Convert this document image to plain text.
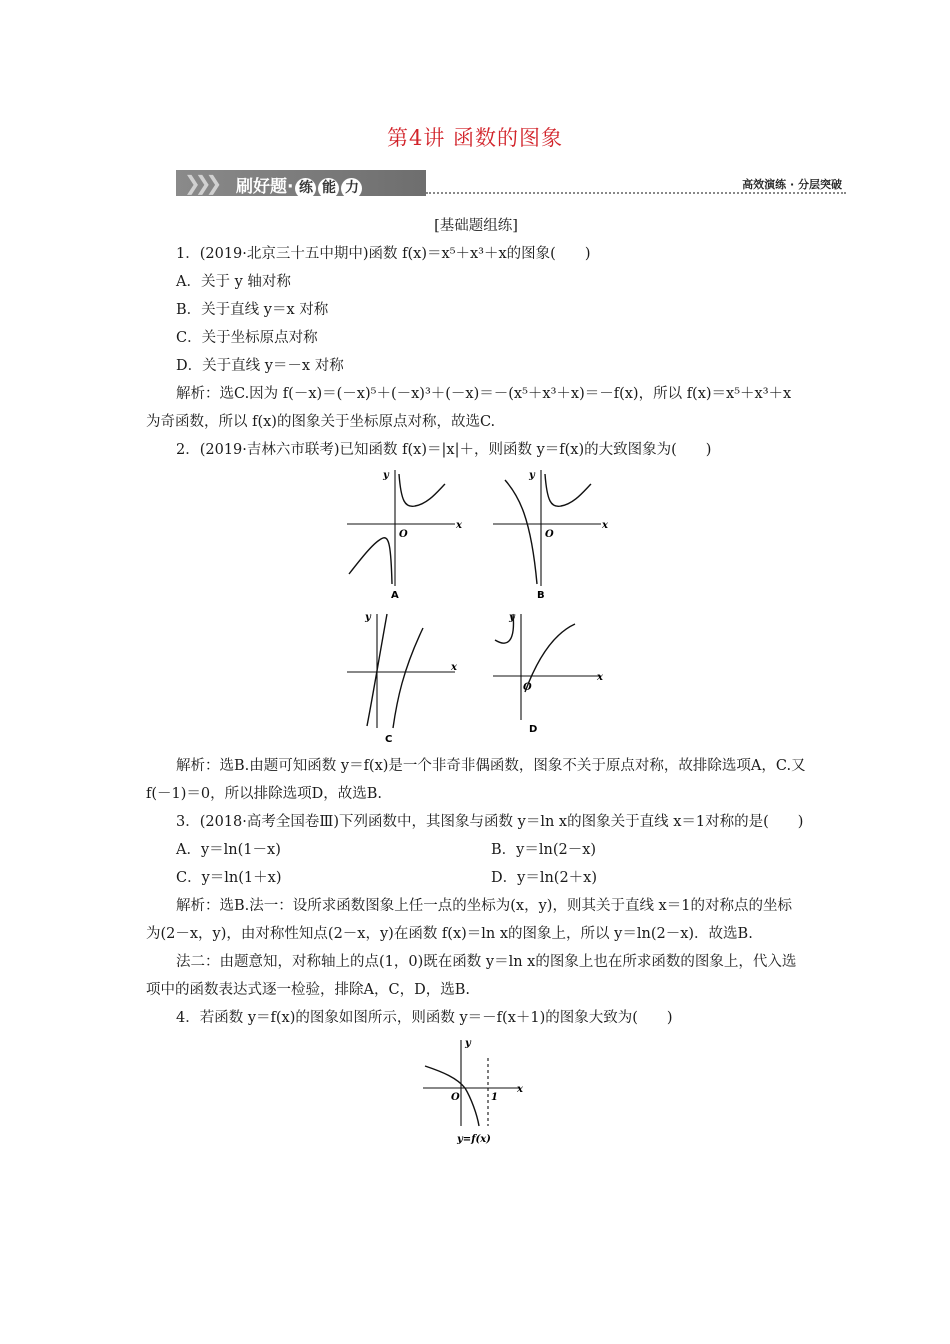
第4讲 函数的图象
❯❯❯ 刷好题· 练 能 力	高效演练 · 分层突破

[基础题组练]

1．(2019·北京三十五中期中)函数 f(x)＝x⁵＋x³＋x的图象(　　)

A．关于 y 轴对称

B．关于直线 y＝x 对称

C．关于坐标原点对称

D．关于直线 y＝－x 对称

解析：选C.因为 f(－x)＝(－x)⁵＋(－x)³＋(－x)＝－(x⁵＋x³＋x)＝－f(x)，所以 f(x)＝x⁵＋x³＋x 为奇函数，所以 f(x)的图象关于坐标原点对称，故选C.

2．(2019·吉林六市联考)已知函数 f(x)＝|x|＋，则函数 y＝f(x)的大致图象为(　　)

x
y
O
A
x
y
O
B
x
y
C
x
y
O
D

解析：选B.由题可知函数 y＝f(x)是一个非奇非偶函数，图象不关于原点对称，故排除选项A，C.又 f(－1)＝0，所以排除选项D，故选B.

3．(2018·高考全国卷Ⅲ)下列函数中，其图象与函数 y＝ln x的图象关于直线 x＝1对称的是(　　)

A．y＝ln(1－x)	B．y＝ln(2－x)
C．y＝ln(1＋x)	D．y＝ln(2＋x)

解析：选B.法一：设所求函数图象上任一点的坐标为(x，y)，则其关于直线 x＝1的对称点的坐标为(2－x，y)，由对称性知点(2－x，y)在函数 f(x)＝ln x的图象上，所以 y＝ln(2－x)．故选B.

法二：由题意知，对称轴上的点(1，0)既在函数 y＝ln x的图象上也在所求函数的图象上，代入选项中的函数表达式逐一检验，排除A，C，D，选B.

4．若函数 y＝f(x)的图象如图所示，则函数 y＝－f(x＋1)的图象大致为(　　)

x
y
O	1
y=f(x)
